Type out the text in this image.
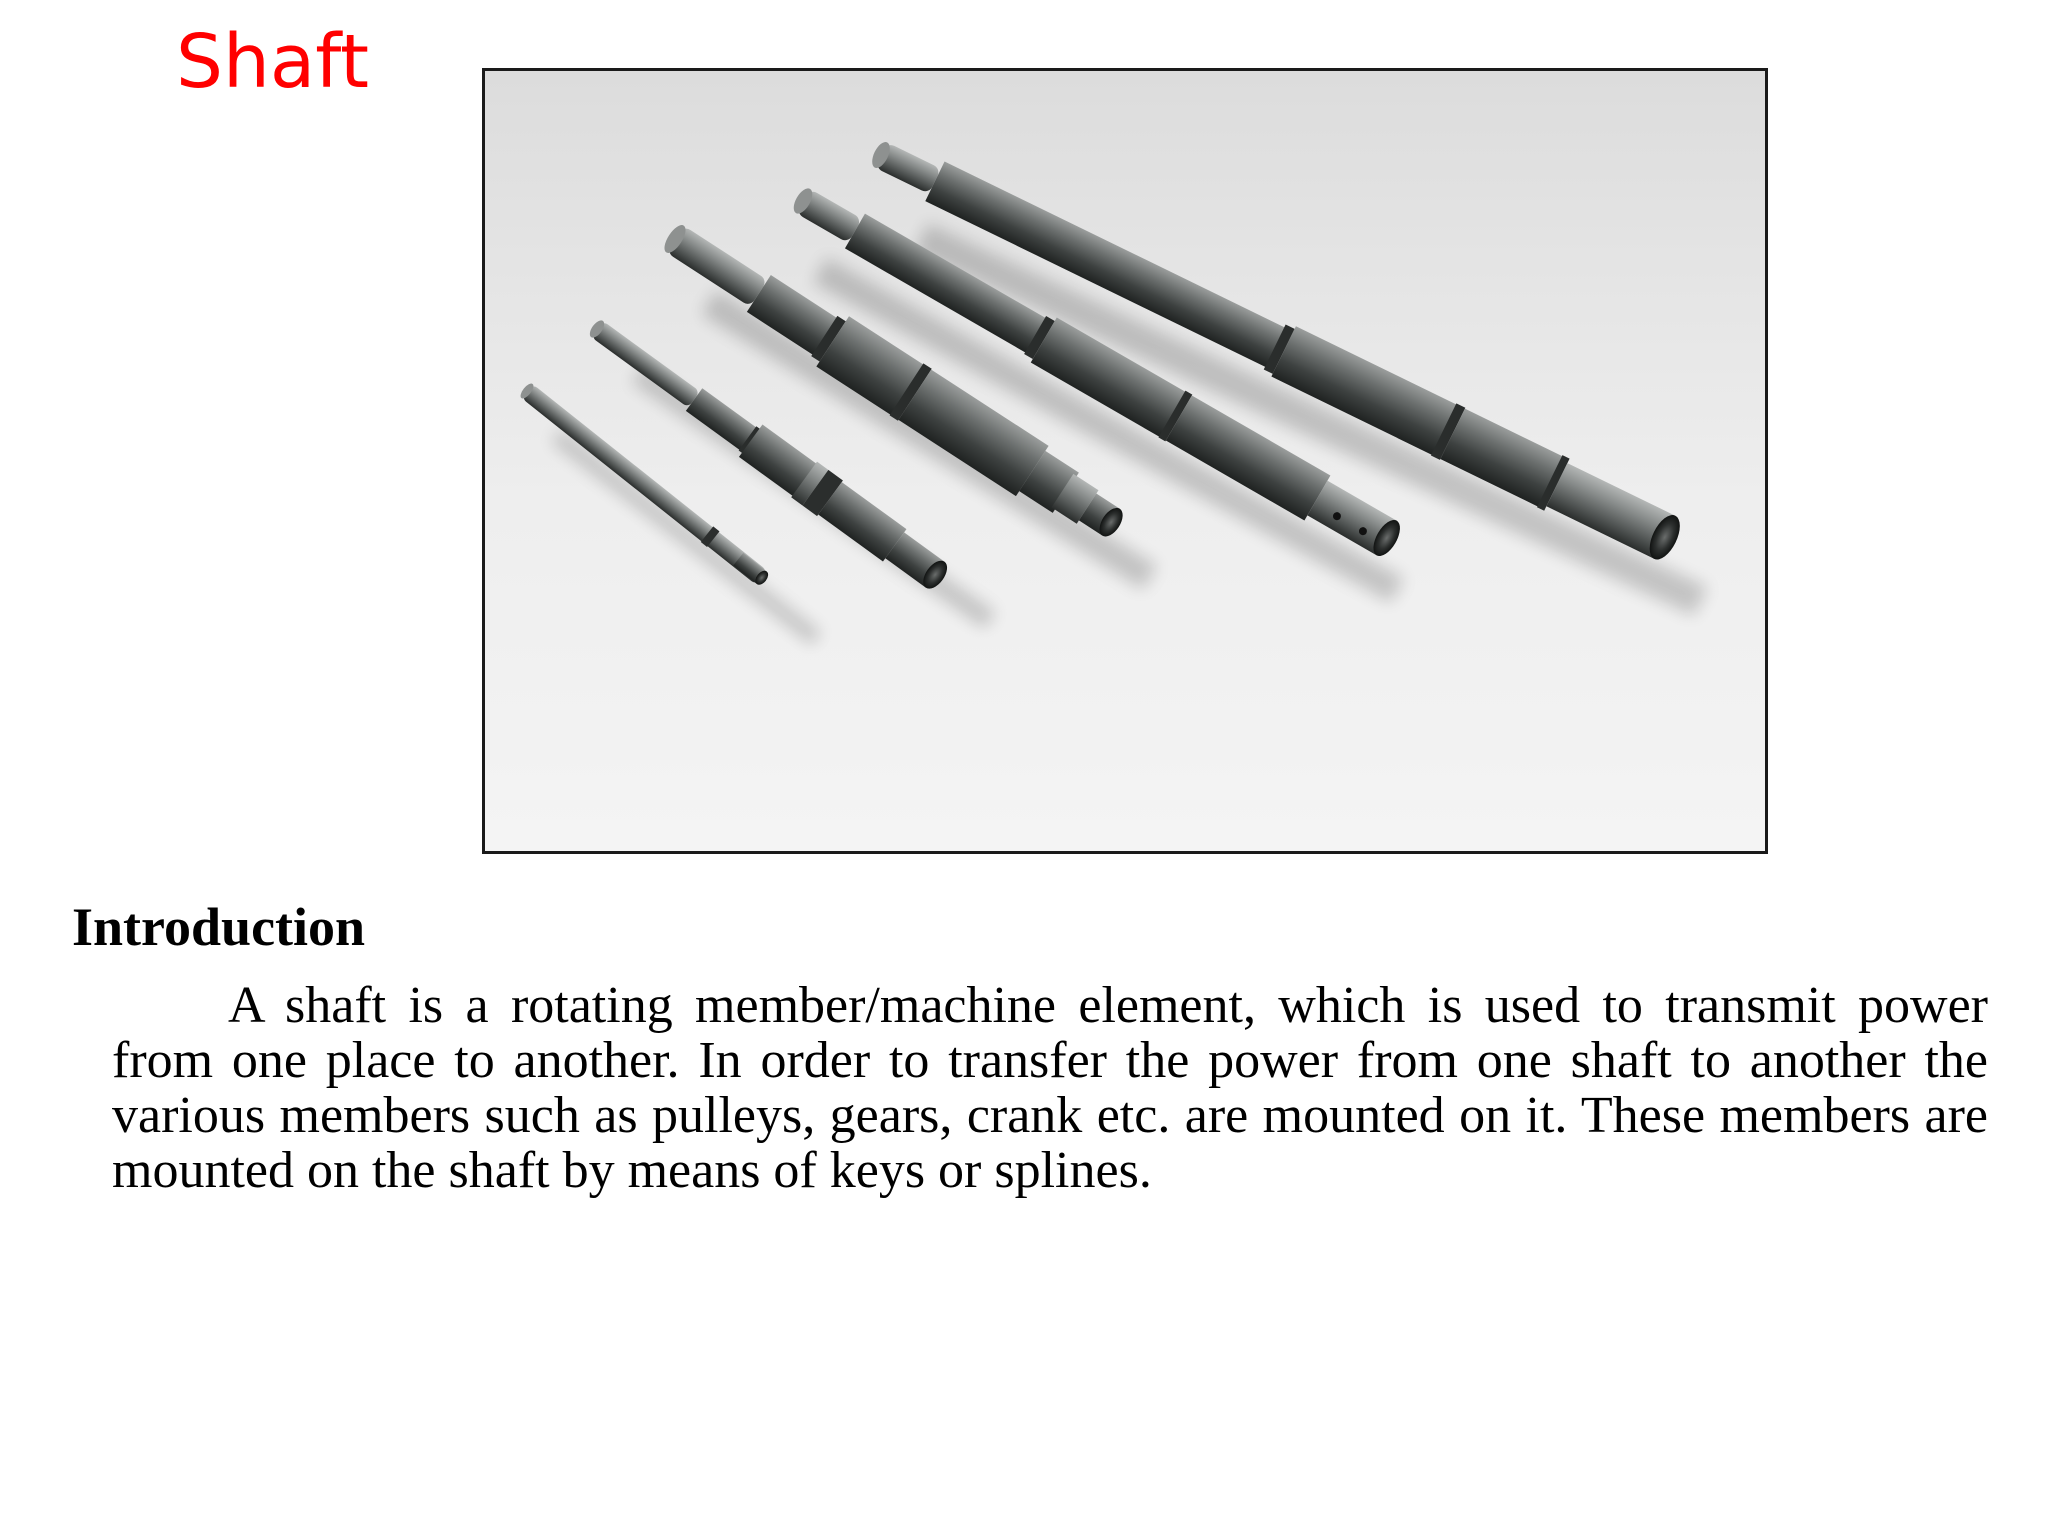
Shaft
Introduction

A shaft is a rotating member/machine element, which is used to transmit power from one place to another. In order to transfer the power from one shaft to another the various members such as pulleys, gears, crank etc. are mounted on it. These members are mounted on the shaft by means of keys or splines.
